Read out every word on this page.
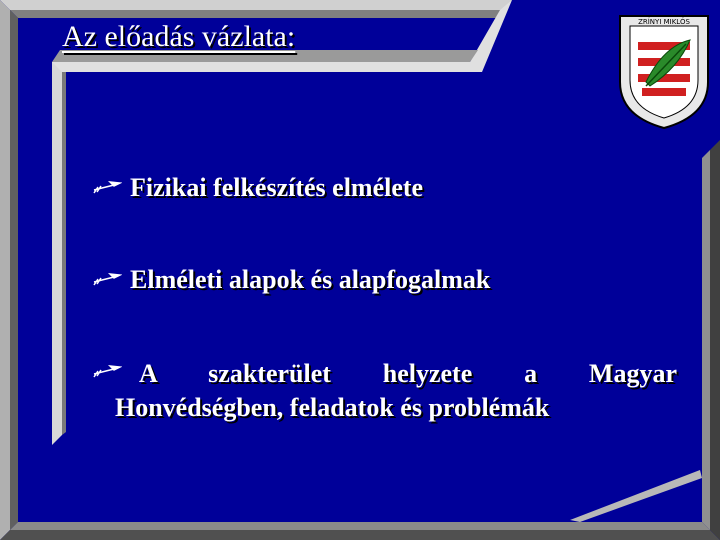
Az előadás vázlata:	ZRÍNYI MIKLÓS
Fizikai felkészítés elmélete
Elméleti alapok és alapfogalmak
A szakterület helyzete a Magyar
Honvédségben, feladatok és problémák
